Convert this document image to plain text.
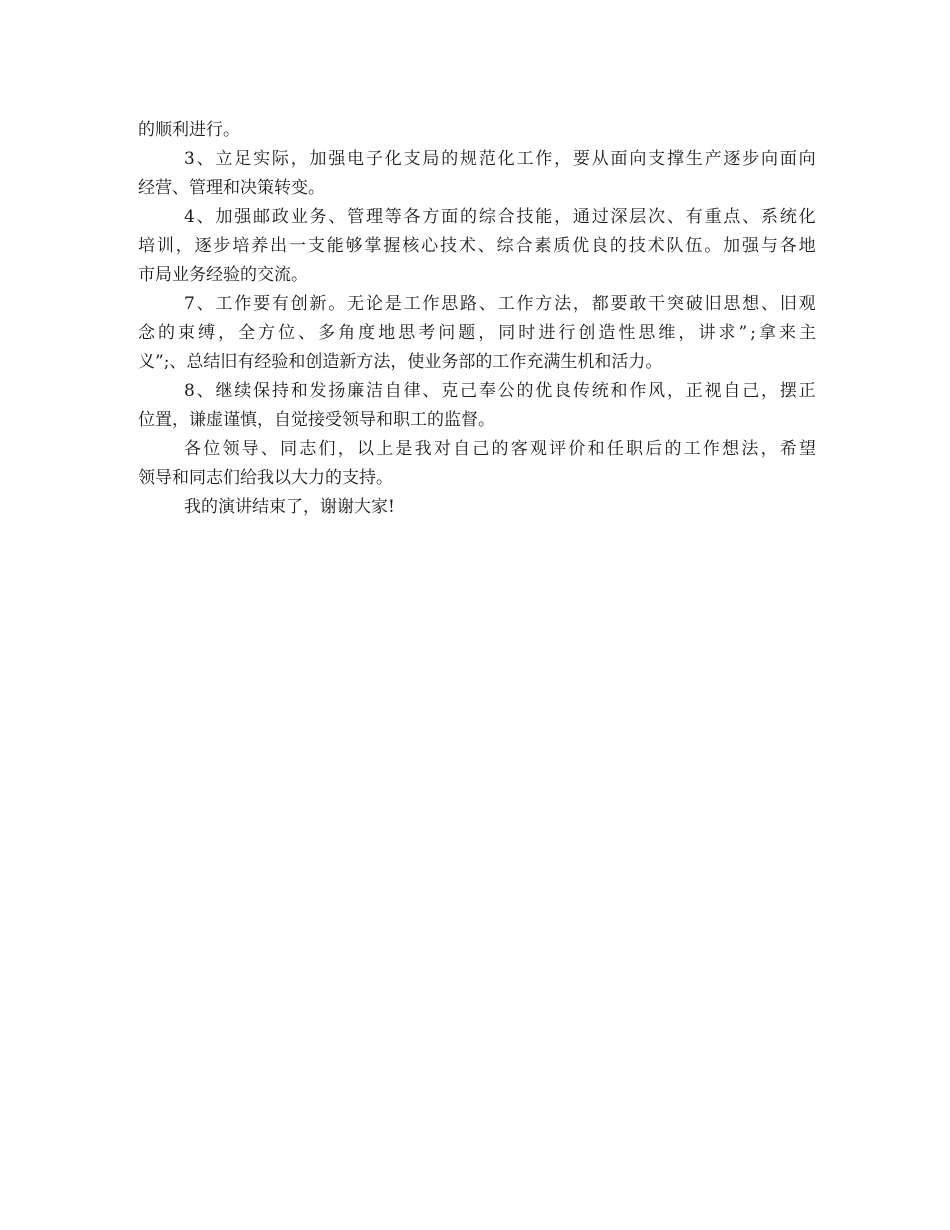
的顺利进行。
3 、 立 足 实 际 ， 加 强 电 子 化 支 局 的 规 范 化 工 作 ， 要 从 面 向 支 撑 生 产 逐 步 向 面 向
经营、管理和决策转变。
4 、 加 强 邮 政 业 务 、 管 理 等 各 方 面 的 综 合 技 能 ， 通 过 深 层 次 、 有 重 点 、 系 统 化
培 训 ， 逐 步 培 养 出 一 支 能 够 掌 握 核 心 技 术 、 综 合 素 质 优 良 的 技 术 队 伍 。 加 强 与 各 地
市局业务经验的交流。
7 、 工 作 要 有 创 新 。 无 论 是 工 作 思 路 、 工 作 方 法 ， 都 要 敢 干 突 破 旧 思 想 、 旧 观
念 的 束 缚 ， 全 方 位 、 多 角 度 地 思 考 问 题 ， 同 时 进 行 创 造 性 思 维 ， 讲 求 ” ; 拿 来 主
义”;、总结旧有经验和创造新方法，使业务部的工作充满生机和活力。
8 、 继 续 保 持 和 发 扬 廉 洁 自 律 、 克 己 奉 公 的 优 良 传 统 和 作 风 ， 正 视 自 己 ， 摆 正
位置，谦虚谨慎，自觉接受领导和职工的监督。
各 位 领 导 、 同 志 们 ， 以 上 是 我 对 自 己 的 客 观 评 价 和 任 职 后 的 工 作 想 法 ， 希 望
领导和同志们给我以大力的支持。
我的演讲结束了，谢谢大家!
